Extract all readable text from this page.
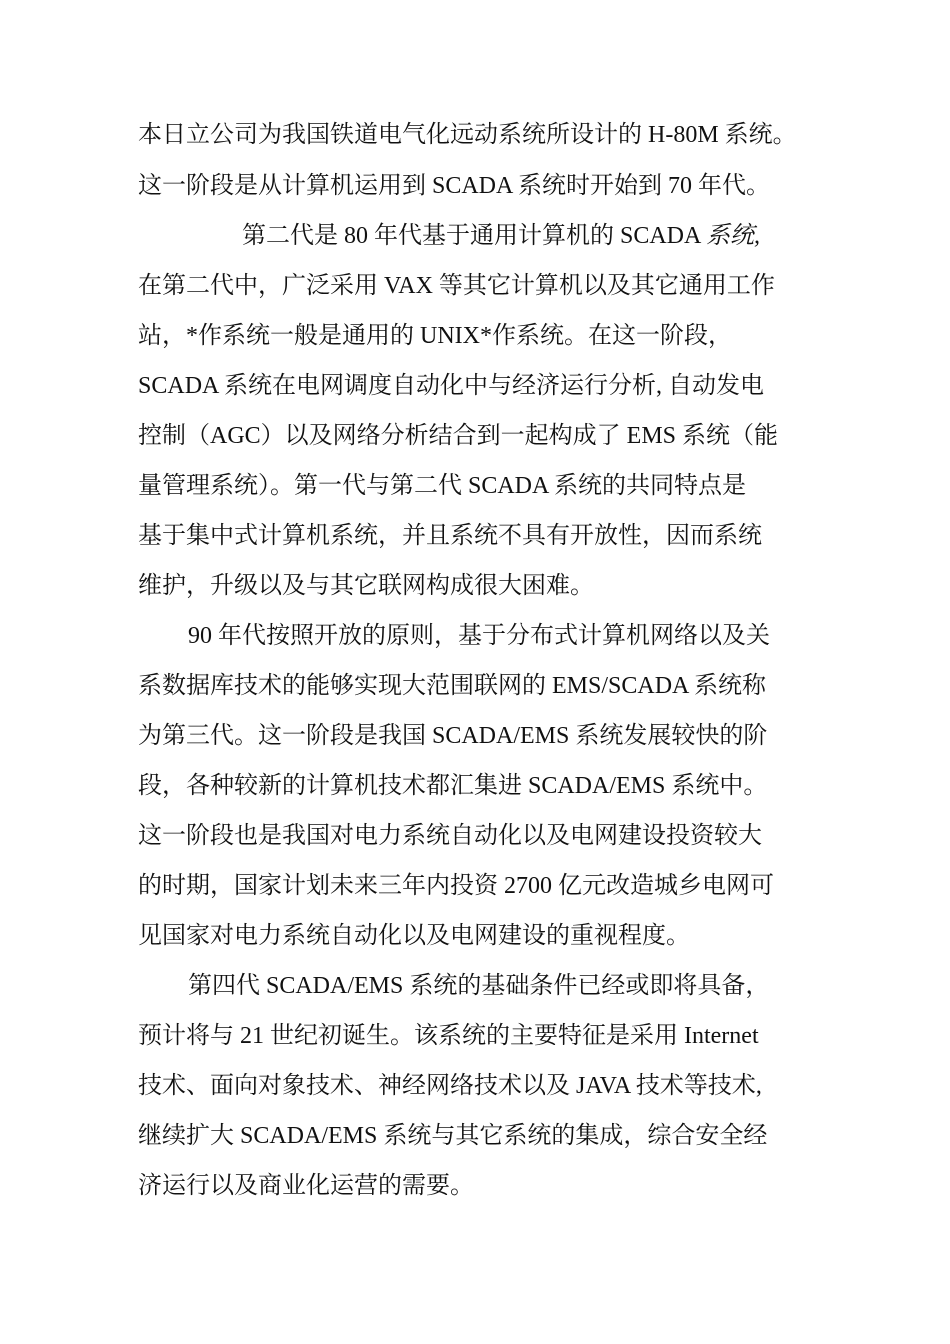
本日立公司为我国铁道电气化远动系统所设计的 H-80M 系统。
这一阶段是从计算机运用到 SCADA 系统时开始到 70 年代。
第二代是 80 年代基于通用计算机的 SCADA 系统,
在第二代中，广泛采用 VAX 等其它计算机以及其它通用工作
站，*作系统一般是通用的 UNIX*作系统。在这一阶段，
SCADA 系统在电网调度自动化中与经济运行分析, 自动发电
控制（AGC）以及网络分析结合到一起构成了 EMS 系统（能
量管理系统）。第一代与第二代 SCADA 系统的共同特点是
基于集中式计算机系统，并且系统不具有开放性，因而系统
维护，升级以及与其它联网构成很大困难。
90 年代按照开放的原则，基于分布式计算机网络以及关
系数据库技术的能够实现大范围联网的 EMS/SCADA 系统称
为第三代。这一阶段是我国 SCADA/EMS 系统发展较快的阶
段，各种较新的计算机技术都汇集进 SCADA/EMS 系统中。
这一阶段也是我国对电力系统自动化以及电网建设投资较大
的时期，国家计划未来三年内投资 2700 亿元改造城乡电网可
见国家对电力系统自动化以及电网建设的重视程度。
第四代 SCADA/EMS 系统的基础条件已经或即将具备，
预计将与 21 世纪初诞生。该系统的主要特征是采用 Internet
技术、面向对象技术、神经网络技术以及 JAVA 技术等技术,
继续扩大 SCADA/EMS 系统与其它系统的集成，综合安全经
济运行以及商业化运营的需要。
